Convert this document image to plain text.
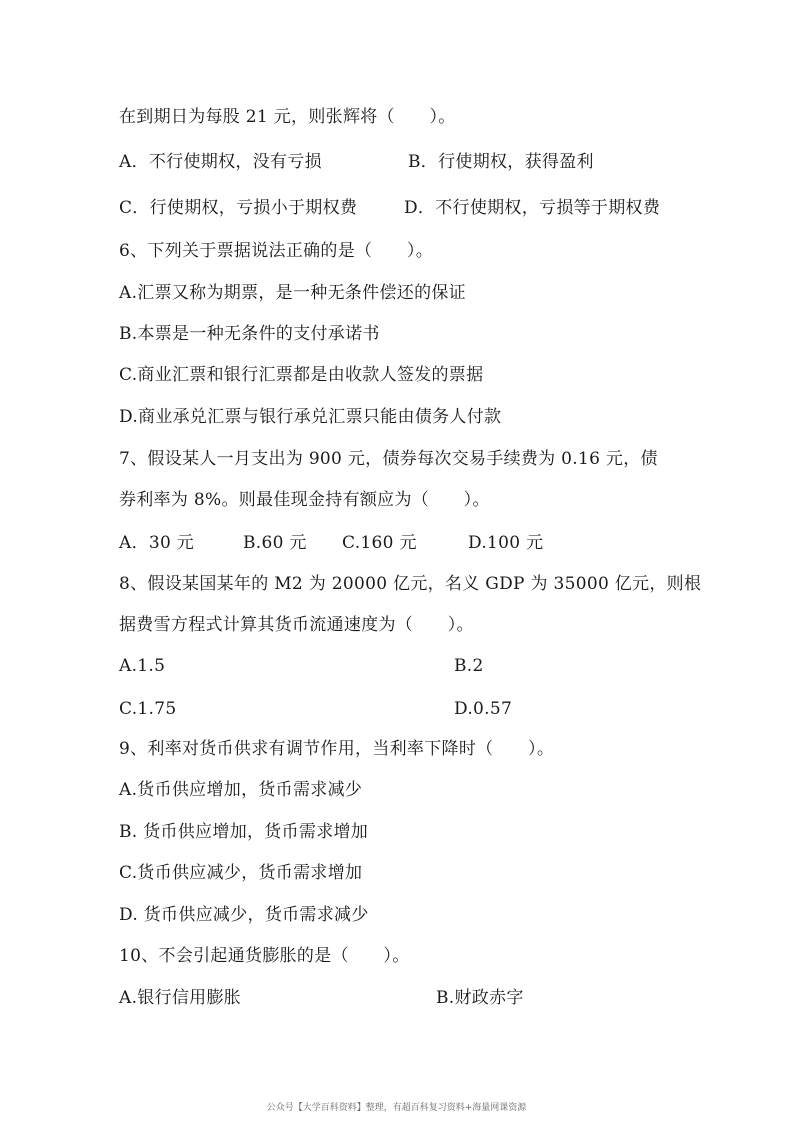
在到期日为每股 21 元，则张辉将（　　）。
A．不行使期权，没有亏损	B．行使期权，获得盈利
C．行使期权，亏损小于期权费	D．不行使期权，亏损等于期权费
6、下列关于票据说法正确的是（　　）。
A.汇票又称为期票，是一种无条件偿还的保证
B.本票是一种无条件的支付承诺书
C.商业汇票和银行汇票都是由收款人签发的票据
D.商业承兑汇票与银行承兑汇票只能由债务人付款
7、假设某人一月支出为 900 元，债券每次交易手续费为 0.16 元，债
券利率为 8%。则最佳现金持有额应为（　　）。
A．30 元	B.60 元 C.160 元	D.100 元
8、假设某国某年的 M2 为 20000 亿元，名义 GDP 为 35000 亿元，则根
据费雪方程式计算其货币流通速度为（　　）。
A.1.5	B.2
C.1.75	D.0.57
9、利率对货币供求有调节作用，当利率下降时（　　）。
A.货币供应增加，货币需求减少
B. 货币供应增加，货币需求增加
C.货币供应减少，货币需求增加
D. 货币供应减少，货币需求减少
10、不会引起通货膨胀的是（　　）。
A.银行信用膨胀	B.财政赤字
公众号【大学百科资料】整理，有超百科复习资料+海量网课资源
